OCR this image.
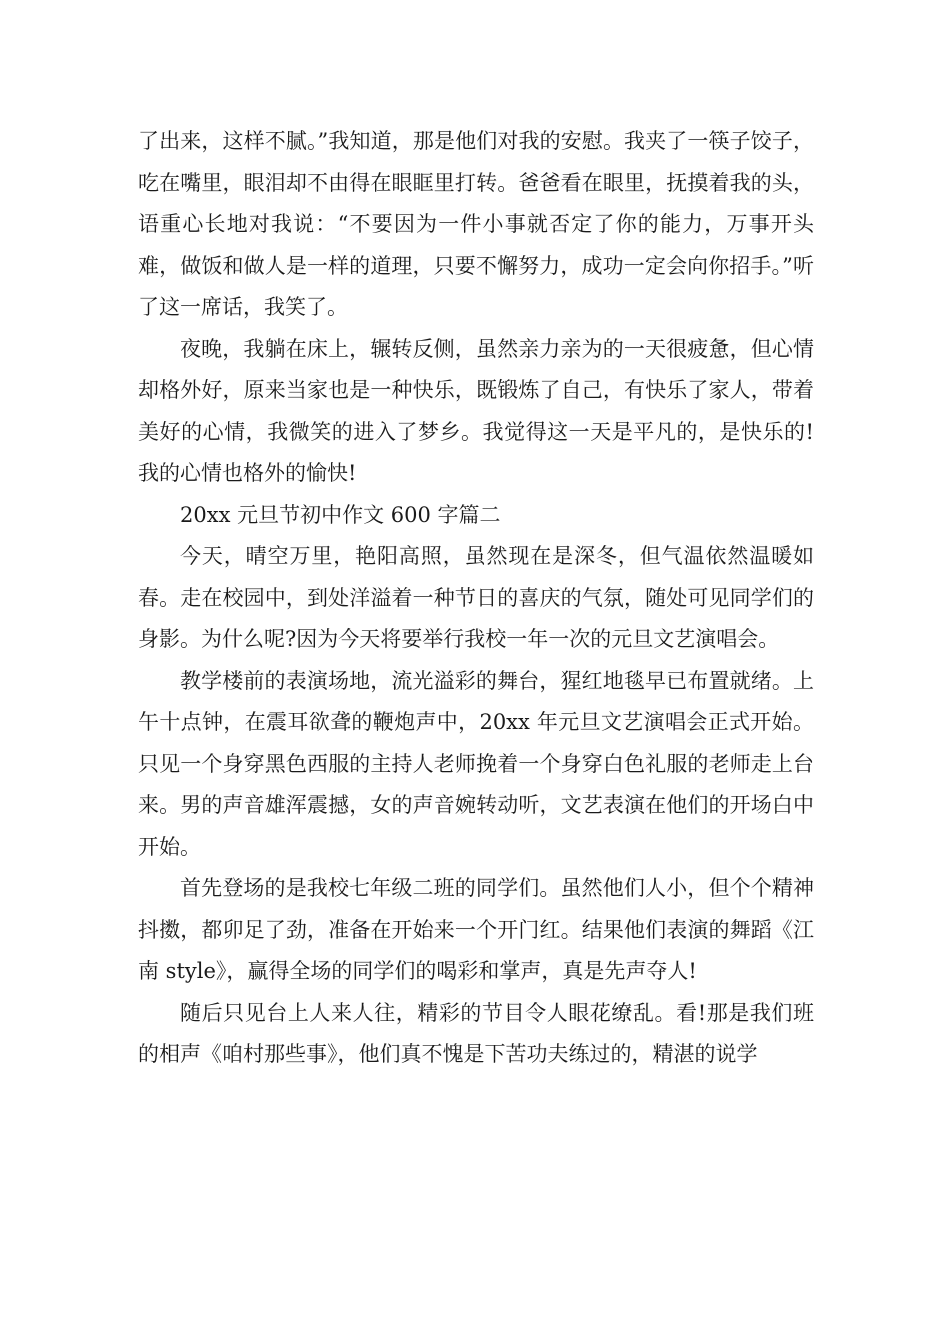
了出来，这样不腻。”我知道，那是他们对我的安慰。我夹了一筷子饺子，吃在嘴里，眼泪却不由得在眼眶里打转。爸爸看在眼里，抚摸着我的头，语重心长地对我说：“不要因为一件小事就否定了你的能力，万事开头难，做饭和做人是一样的道理，只要不懈努力，成功一定会向你招手。”听了这一席话，我笑了。

夜晚，我躺在床上，辗转反侧，虽然亲力亲为的一天很疲惫，但心情却格外好，原来当家也是一种快乐，既锻炼了自己，有快乐了家人，带着美好的心情，我微笑的进入了梦乡。我觉得这一天是平凡的，是快乐的!我的心情也格外的愉快!

20xx 元旦节初中作文 600 字篇二

今天，晴空万里，艳阳高照，虽然现在是深冬，但气温依然温暖如春。走在校园中，到处洋溢着一种节日的喜庆的气氛，随处可见同学们的身影。为什么呢?因为今天将要举行我校一年一次的元旦文艺演唱会。

教学楼前的表演场地，流光溢彩的舞台，猩红地毯早已布置就绪。上午十点钟，在震耳欲聋的鞭炮声中，20xx 年元旦文艺演唱会正式开始。只见一个身穿黑色西服的主持人老师挽着一个身穿白色礼服的老师走上台来。男的声音雄浑震撼，女的声音婉转动听，文艺表演在他们的开场白中开始。

首先登场的是我校七年级二班的同学们。虽然他们人小，但个个精神抖擞，都卯足了劲，准备在开始来一个开门红。结果他们表演的舞蹈《江南 style》，赢得全场的同学们的喝彩和掌声，真是先声夺人!

随后只见台上人来人往，精彩的节目令人眼花缭乱。看!那是我们班的相声《咱村那些事》，他们真不愧是下苦功夫练过的，精湛的说学
